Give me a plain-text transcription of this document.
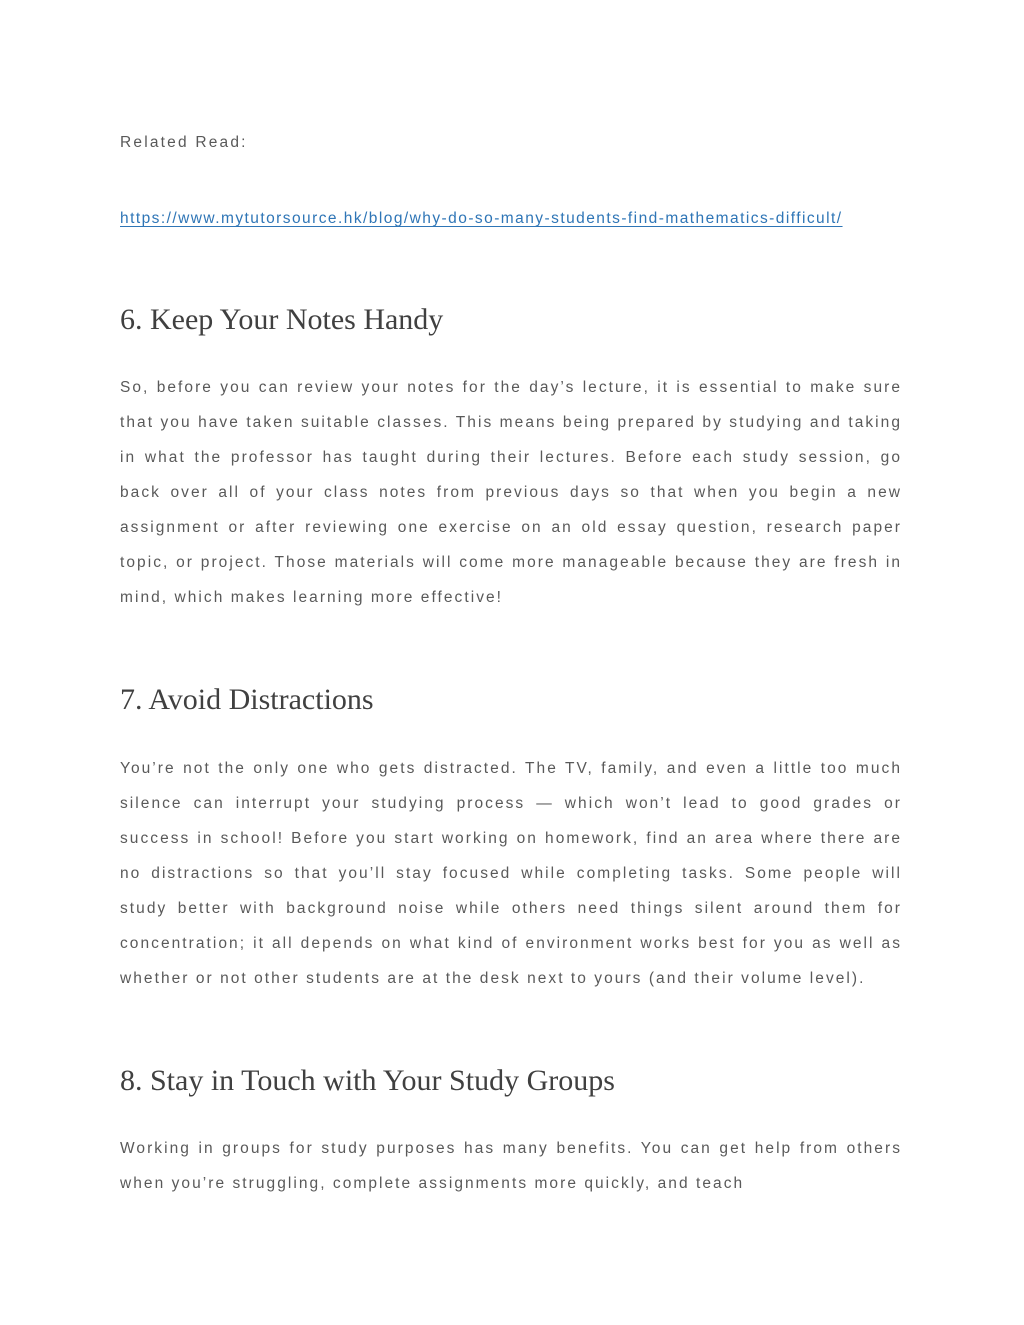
Related Read:

https://www.mytutorsource.hk/blog/why-do-so-many-students-find-mathematics-difficult/
6. Keep Your Notes Handy

So, before you can review your notes for the day’s lecture, it is essential to make sure that you have taken suitable classes. This means being prepared by studying and taking in what the professor has taught during their lectures. Before each study session, go back over all of your class notes from previous days so that when you begin a new assignment or after reviewing one exercise on an old essay question, research paper topic, or project. Those materials will come more manageable because they are fresh in mind, which makes learning more effective!

7. Avoid Distractions

You’re not the only one who gets distracted. The TV, family, and even a little too much silence can interrupt your studying process — which won’t lead to good grades or success in school! Before you start working on homework, find an area where there are no distractions so that you’ll stay focused while completing tasks. Some people will study better with background noise while others need things silent around them for concentration; it all depends on what kind of environment works best for you as well as whether or not other students are at the desk next to yours (and their volume level).

8. Stay in Touch with Your Study Groups

Working in groups for study purposes has many benefits. You can get help from others when you’re struggling, complete assignments more quickly, and teach
